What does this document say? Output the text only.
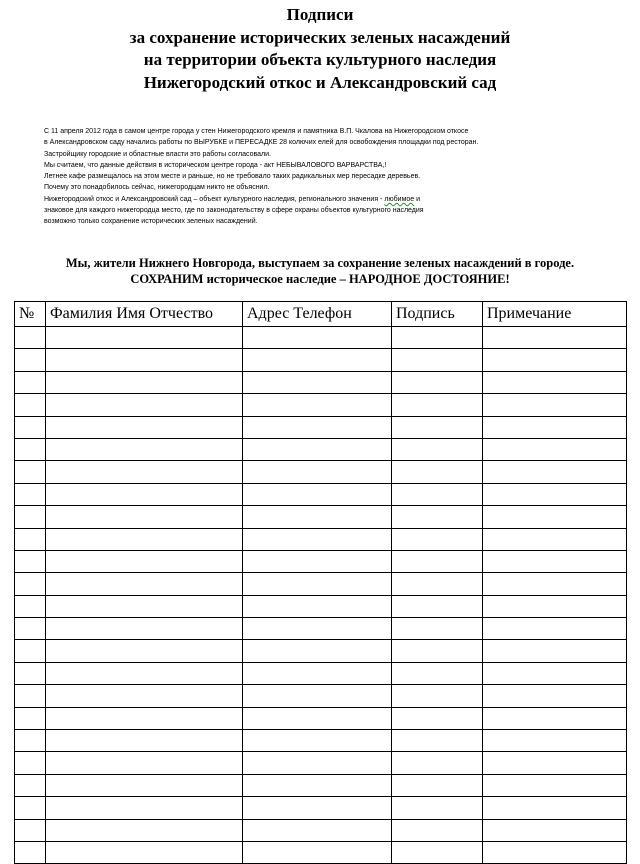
Подписи
за сохранение исторических зеленых насаждений
на территории объекта культурного наследия
Нижегородский откос и Александровский сад
С 11 апреля 2012 года в самом центре города у стен Нижегородского кремля и памятника В.П. Чкалова на Нижегородском откосе
в Александровском саду начались работы по ВЫРУБКЕ и ПЕРЕСАДКЕ 28 колючих елей для освобождения площадки под ресторан.
Застройщику городские и областные власти это работы согласовали.
Мы считаем, что данные действия в историческом центре города - акт НЕБЫВАЛОВОГО ВАРВАРСТВА,!
Летнее кафе размещалось на этом месте и раньше, но не требовало таких радикальных мер пересадке деревьев.
Почему это понадобилось сейчас, нижегородцам никто не объяснил.
Нижегородский откос и Александровский сад – объект культурного наследия, регионального значения - любимое и
знаковое для каждого нижегородца место, где по законодательству в сфере охраны объектов культурного наследия
возможно только сохранение исторических зеленых насаждений.
Мы, жители Нижнего Новгорода, выступаем за сохранение зеленых насаждений в городе.
СОХРАНИМ историческое наследие – НАРОДНОЕ ДОСТОЯНИЕ!
№	Фамилия Имя Отчество	Адрес Телефон	Подпись	Примечание
